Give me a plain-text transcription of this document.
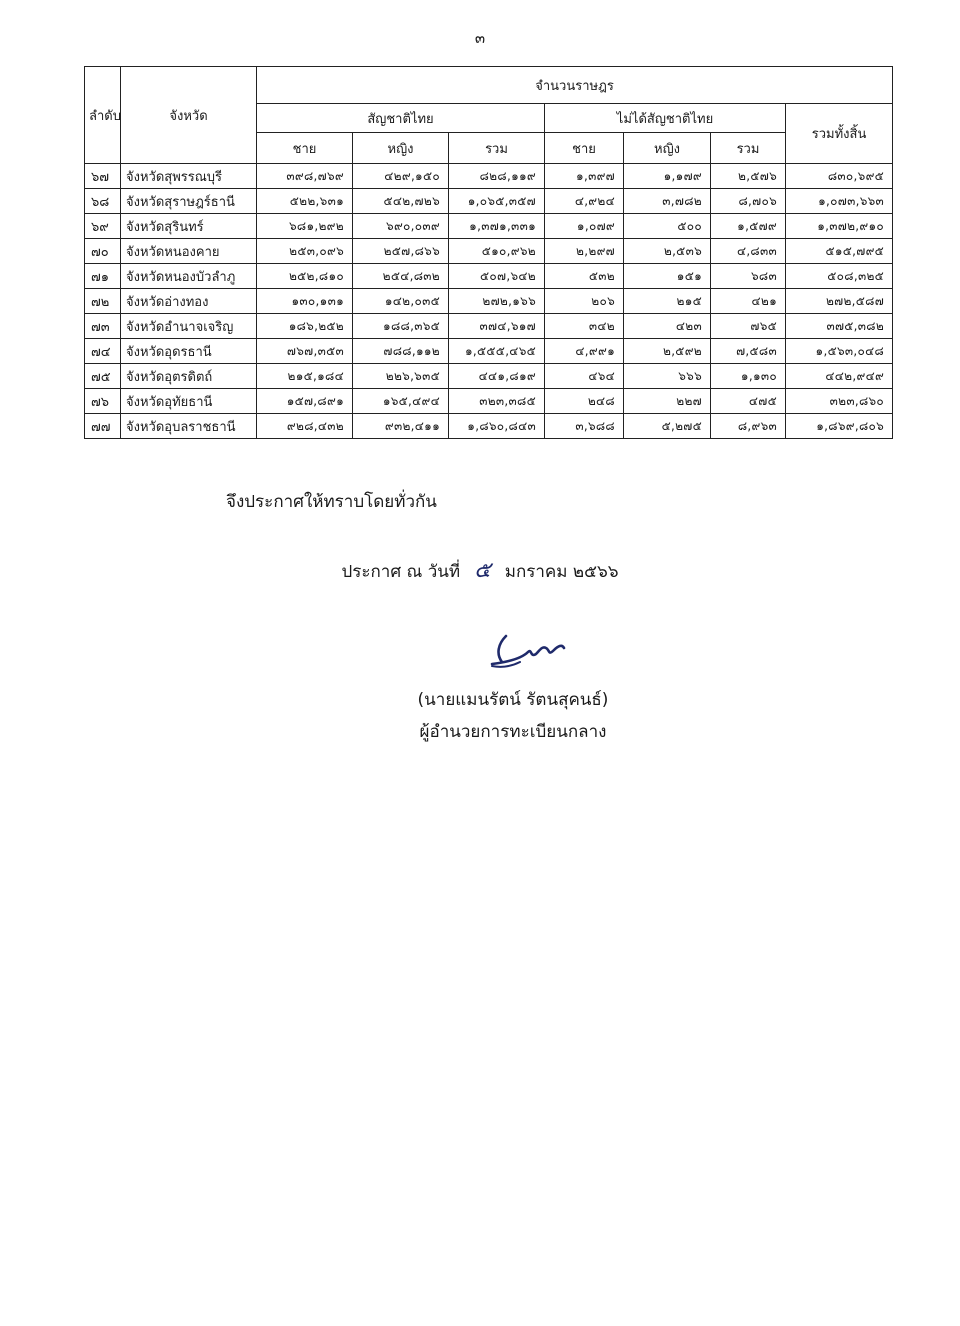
๓
ลำดับ	จังหวัด	จำนวนราษฎร						
		สัญชาติไทย			ไม่ได้สัญชาติไทย			รวมทั้งสิ้น
		ชาย	หญิง	รวม	ชาย	หญิง	รวม	
๖๗	จังหวัดสุพรรณบุรี	๓๙๘,๗๖๙	๔๒๙,๑๕๐	๘๒๘,๑๑๙	๑,๓๙๗	๑,๑๗๙	๒,๕๗๖	๘๓๐,๖๙๕
๖๘	จังหวัดสุราษฎร์ธานี	๕๒๒,๖๓๑	๕๔๒,๗๒๖	๑,๐๖๕,๓๕๗	๔,๙๒๔	๓,๗๘๒	๘,๗๐๖	๑,๐๗๓,๖๖๓
๖๙	จังหวัดสุรินทร์	๖๘๑,๒๙๒	๖๙๐,๐๓๙	๑,๓๗๑,๓๓๑	๑,๐๗๙	๕๐๐	๑,๕๗๙	๑,๓๗๒,๙๑๐
๗๐	จังหวัดหนองคาย	๒๕๓,๐๙๖	๒๕๗,๘๖๖	๕๑๐,๙๖๒	๒,๒๙๗	๒,๕๓๖	๔,๘๓๓	๕๑๕,๗๙๕
๗๑	จังหวัดหนองบัวลำภู	๒๕๒,๘๑๐	๒๕๔,๘๓๒	๕๐๗,๖๔๒	๕๓๒	๑๕๑	๖๘๓	๕๐๘,๓๒๕
๗๒	จังหวัดอ่างทอง	๑๓๐,๑๓๑	๑๔๒,๐๓๕	๒๗๒,๑๖๖	๒๐๖	๒๑๕	๔๒๑	๒๗๒,๕๘๗
๗๓	จังหวัดอำนาจเจริญ	๑๘๖,๒๕๒	๑๘๘,๓๖๕	๓๗๔,๖๑๗	๓๔๒	๔๒๓	๗๖๕	๓๗๕,๓๘๒
๗๔	จังหวัดอุดรธานี	๗๖๗,๓๕๓	๗๘๘,๑๑๒	๑,๕๕๕,๔๖๕	๔,๙๙๑	๒,๕๙๒	๗,๕๘๓	๑,๕๖๓,๐๔๘
๗๕	จังหวัดอุตรดิตถ์	๒๑๕,๑๘๔	๒๒๖,๖๓๕	๔๔๑,๘๑๙	๔๖๔	๖๖๖	๑,๑๓๐	๔๔๒,๙๔๙
๗๖	จังหวัดอุทัยธานี	๑๕๗,๘๙๑	๑๖๕,๔๙๔	๓๒๓,๓๘๕	๒๔๘	๒๒๗	๔๗๕	๓๒๓,๘๖๐
๗๗	จังหวัดอุบลราชธานี	๙๒๘,๔๓๒	๙๓๒,๔๑๑	๑,๘๖๐,๘๔๓	๓,๖๘๘	๕,๒๗๕	๘,๙๖๓	๑,๘๖๙,๘๐๖
จึงประกาศให้ทราบโดยทั่วกัน
ประกาศ ณ วันที่ ๕ มกราคม ๒๕๖๖
(นายแมนรัตน์ รัตนสุคนธ์)
ผู้อำนวยการทะเบียนกลาง
